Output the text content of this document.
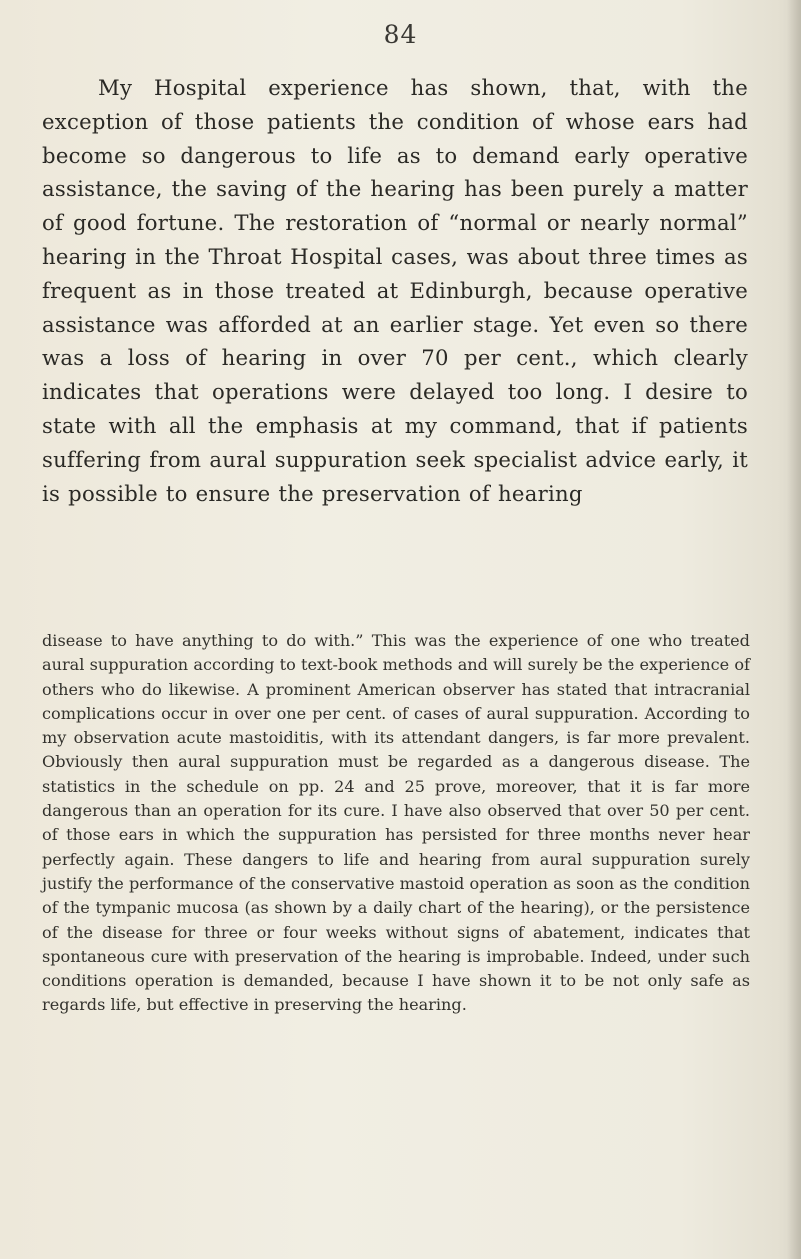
84

My Hospital experience has shown, that, with the exception of those patients the condition of whose ears had become so dangerous to life as to demand early operative assistance, the saving of the hearing has been purely a matter of good fortune. The restoration of “normal or nearly normal” hearing in the Throat Hospital cases, was about three times as frequent as in those treated at Edinburgh, because operative assistance was afforded at an earlier stage. Yet even so there was a loss of hearing in over 70 per cent., which clearly indicates that operations were delayed too long. I desire to state with all the emphasis at my command, that if patients suffering from aural suppuration seek specialist advice early, it is possible to ensure the preservation of hearing

disease to have anything to do with.” This was the experience of one who treated aural suppuration according to text-book methods and will surely be the experience of others who do likewise. A prominent American observer has stated that intracranial complications occur in over one per cent. of cases of aural suppuration. According to my observation acute mastoiditis, with its attendant dangers, is far more prevalent. Obviously then aural suppuration must be regarded as a dangerous disease. The statistics in the schedule on pp. 24 and 25 prove, moreover, that it is far more dangerous than an operation for its cure. I have also observed that over 50 per cent. of those ears in which the suppuration has persisted for three months never hear perfectly again. These dangers to life and hearing from aural suppuration surely justify the performance of the conservative mastoid operation as soon as the condition of the tympanic mucosa (as shown by a daily chart of the hearing), or the persistence of the disease for three or four weeks without signs of abatement, indicates that spontaneous cure with preservation of the hearing is improbable. Indeed, under such conditions operation is demanded, because I have shown it to be not only safe as regards life, but effective in preserving the hearing.
